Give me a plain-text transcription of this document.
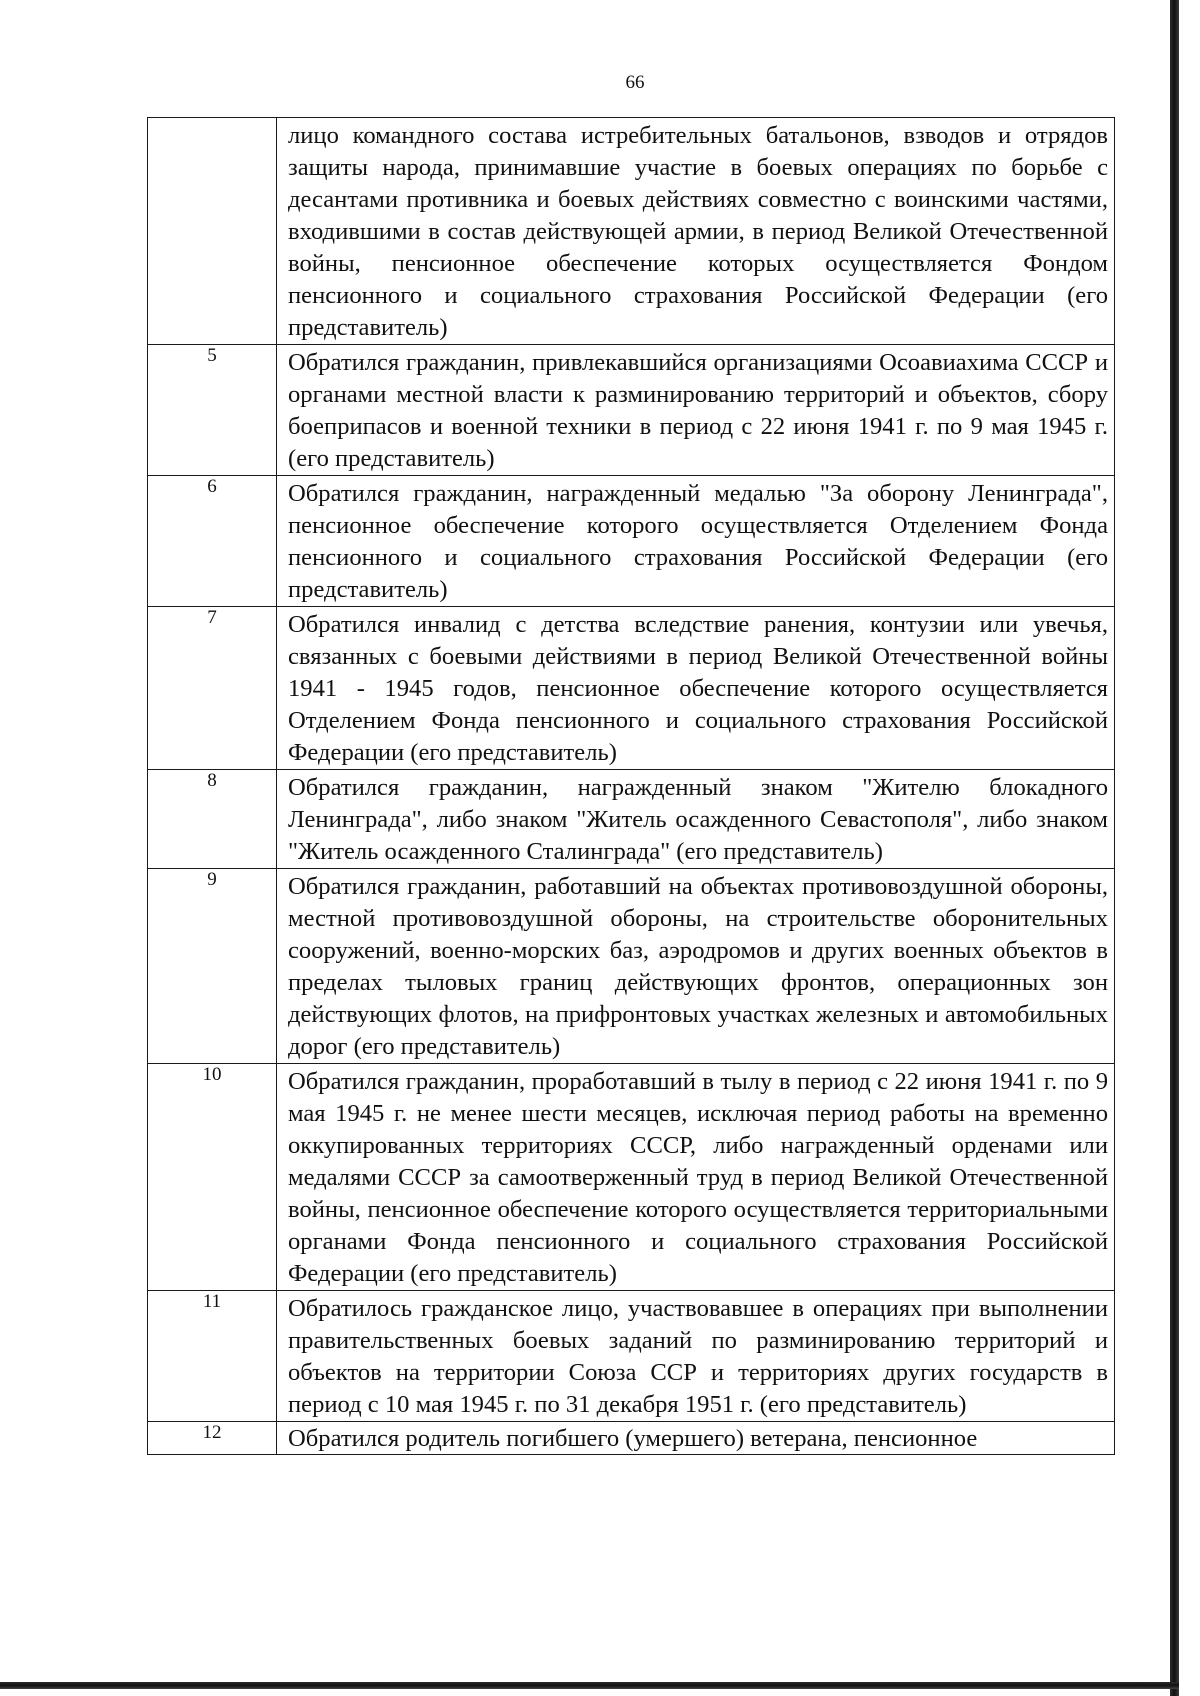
66

	лицо командного состава истребительных батальонов, взводов и отрядов защиты народа, принимавшие участие в боевых операциях по борьбе с десантами противника и боевых действиях совместно с воинскими частями, входившими в состав действующей армии, в период Великой Отечественной войны, пенсионное обеспечение которых осуществляется Фондом пенсионного и социального страхования Российской Федерации (его представитель)

5	Обратился гражданин, привлекавшийся организациями Осоавиахима СССР и органами местной власти к разминированию территорий и объектов, сбору боеприпасов и военной техники в период с 22 июня 1941 г. по 9 мая 1945 г. (его представитель)

6	Обратился гражданин, награжденный медалью "За оборону Ленинграда", пенсионное обеспечение которого осуществляется Отделением Фонда пенсионного и социального страхования Российской Федерации (его представитель)

7	Обратился инвалид с детства вследствие ранения, контузии или увечья, связанных с боевыми действиями в период Великой Отечественной войны 1941 - 1945 годов, пенсионное обеспечение которого осуществляется Отделением Фонда пенсионного и социального страхования Российской Федерации (его представитель)

8	Обратился гражданин, награжденный знаком "Жителю блокадного Ленинграда", либо знаком "Житель осажденного Севастополя", либо знаком "Житель осажденного Сталинграда" (его представитель)

9	Обратился гражданин, работавший на объектах противовоздушной обороны, местной противовоздушной обороны, на строительстве оборонительных сооружений, военно-морских баз, аэродромов и других военных объектов в пределах тыловых границ действующих фронтов, операционных зон действующих флотов, на прифронтовых участках железных и автомобильных дорог (его представитель)

10	Обратился гражданин, проработавший в тылу в период с 22 июня 1941 г. по 9 мая 1945 г. не менее шести месяцев, исключая период работы на временно оккупированных территориях СССР, либо награжденный орденами или медалями СССР за самоотверженный труд в период Великой Отечественной войны, пенсионное обеспечение которого осуществляется территориальными органами Фонда пенсионного и социального страхования Российской Федерации (его представитель)

11	Обратилось гражданское лицо, участвовавшее в операциях при выполнении правительственных боевых заданий по разминированию территорий и объектов на территории Союза ССР и территориях других государств в период с 10 мая 1945 г. по 31 декабря 1951 г. (его представитель)

12	Обратился родитель погибшего (умершего) ветерана, пенсионное
